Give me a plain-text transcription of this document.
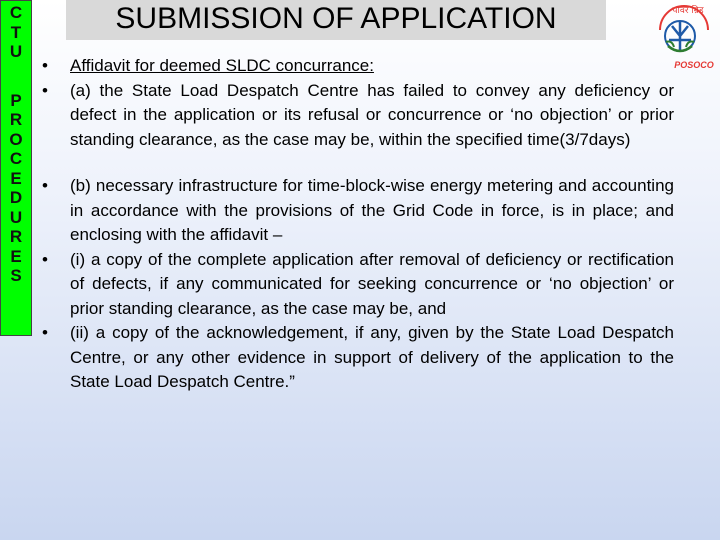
C
T
U
P
R
O
C
E
D
U
R
E
S
SUBMISSION OF APPLICATION	पावर ग्रिड
POSOCO
•	Affidavit for deemed SLDC concurrance:
•	(a) the State Load Despatch Centre has failed to convey any deficiency or defect in the application or its refusal or concurrence or ‘no objection’ or prior standing clearance, as the case may be, within the specified time(3/7days)
•	(b) necessary infrastructure for time-block-wise energy metering and accounting in accordance with the provisions of the Grid Code in force, is in place; and enclosing with the affidavit –
•	(i) a copy of the complete application after removal of deficiency or rectification of defects, if any communicated for seeking concurrence or ‘no objection’ or prior standing clearance, as the case may be, and
•	(ii) a copy of the acknowledgement, if any, given by the State Load Despatch Centre, or any other evidence in support of delivery of the application to the State Load Despatch Centre.”
